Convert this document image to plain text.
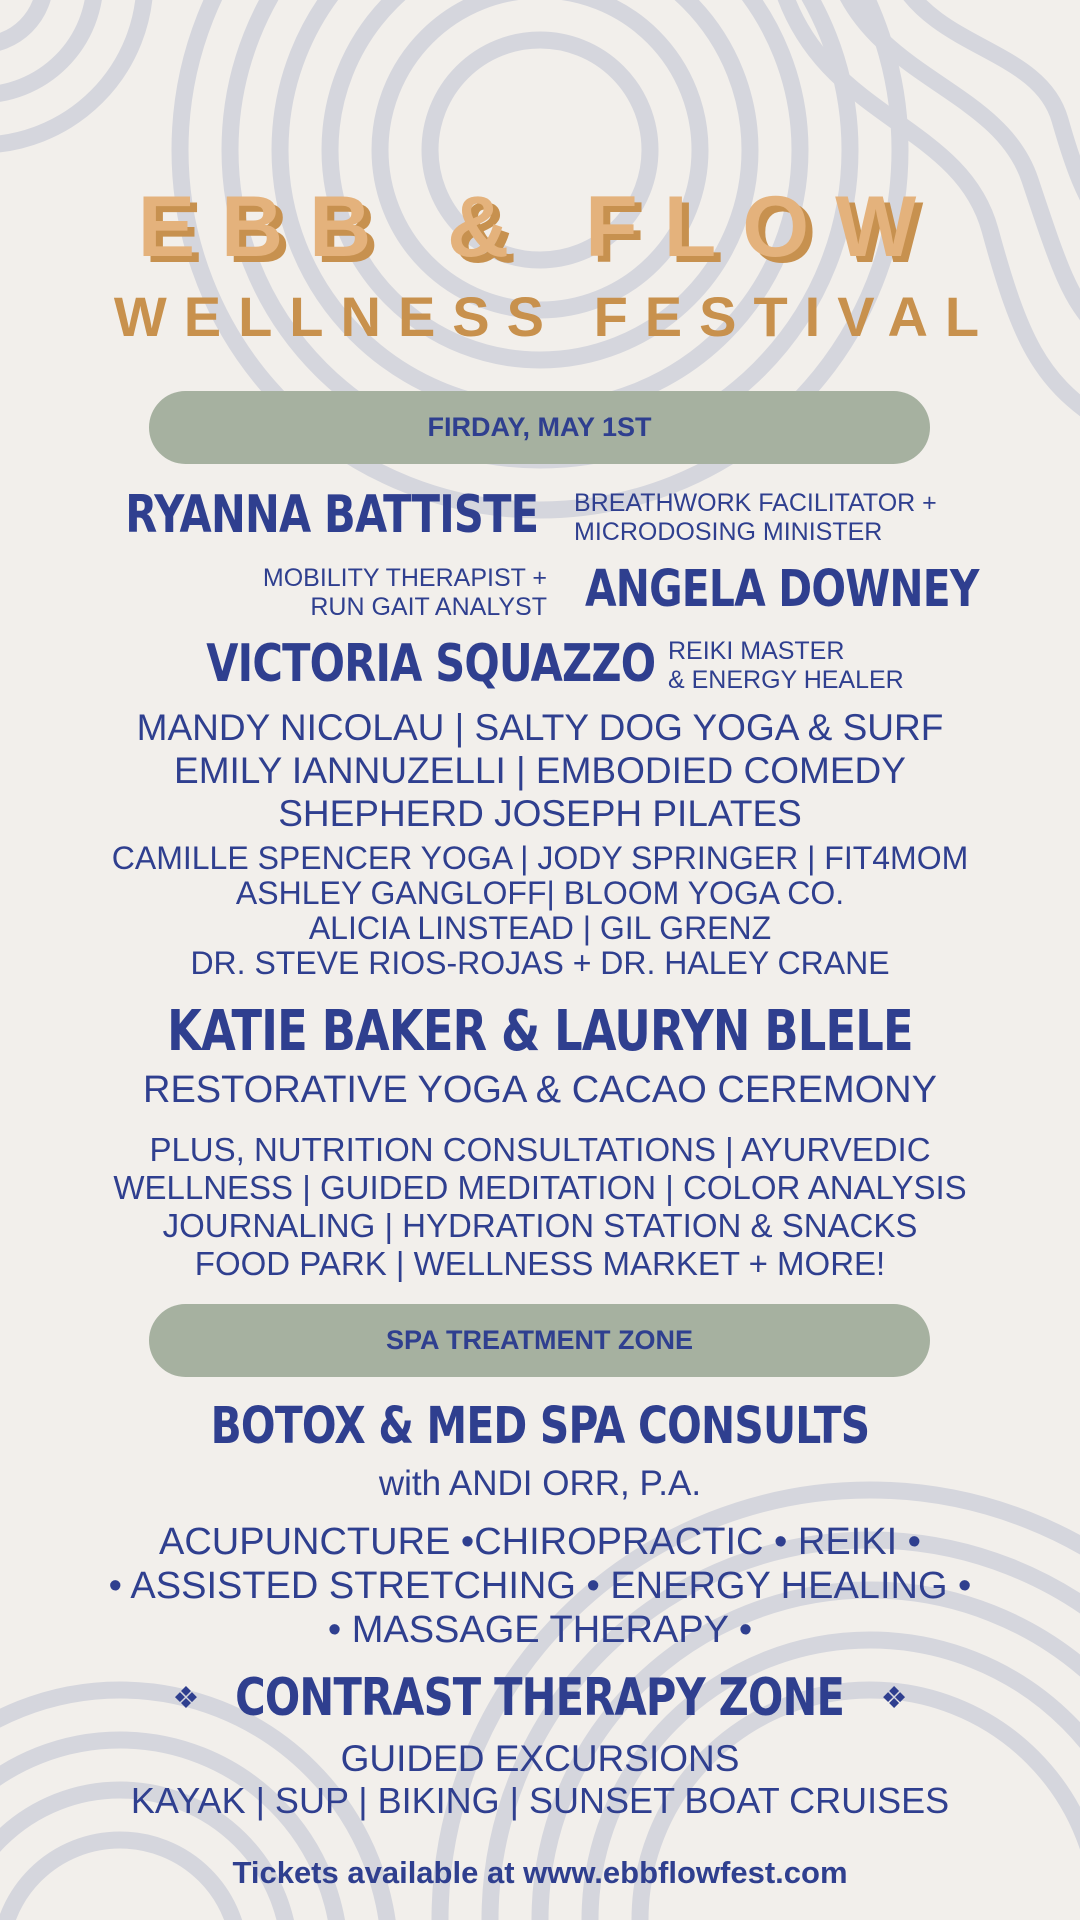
EBB & FLOW
WELLNESS FESTIVAL
FIRDAY, MAY 1ST
RYANNA BATTISTE BREATHWORK FACILITATOR +
MICRODOSING MINISTER
MOBILITY THERAPIST +
RUN GAIT ANALYST ANGELA DOWNEY
VICTORIA SQUAZZO REIKI MASTER
& ENERGY HEALER
MANDY NICOLAU | SALTY DOG YOGA & SURF
EMILY IANNUZELLI | EMBODIED COMEDY
SHEPHERD JOSEPH PILATES
CAMILLE SPENCER YOGA | JODY SPRINGER | FIT4MOM
ASHLEY GANGLOFF| BLOOM YOGA CO.
ALICIA LINSTEAD | GIL GRENZ
DR. STEVE RIOS-ROJAS + DR. HALEY CRANE
KATIE BAKER & LAURYN BLELE
RESTORATIVE YOGA & CACAO CEREMONY
PLUS, NUTRITION CONSULTATIONS | AYURVEDIC
WELLNESS | GUIDED MEDITATION | COLOR ANALYSIS
JOURNALING | HYDRATION STATION & SNACKS
FOOD PARK | WELLNESS MARKET + MORE!
SPA TREATMENT ZONE
BOTOX & MED SPA CONSULTS
with ANDI ORR, P.A.
ACUPUNCTURE •CHIROPRACTIC • REIKI •
• ASSISTED STRETCHING • ENERGY HEALING •
• MASSAGE THERAPY •
❖ CONTRAST THERAPY ZONE ❖
GUIDED EXCURSIONS
KAYAK | SUP | BIKING | SUNSET BOAT CRUISES
Tickets available at www.ebbflowfest.com
